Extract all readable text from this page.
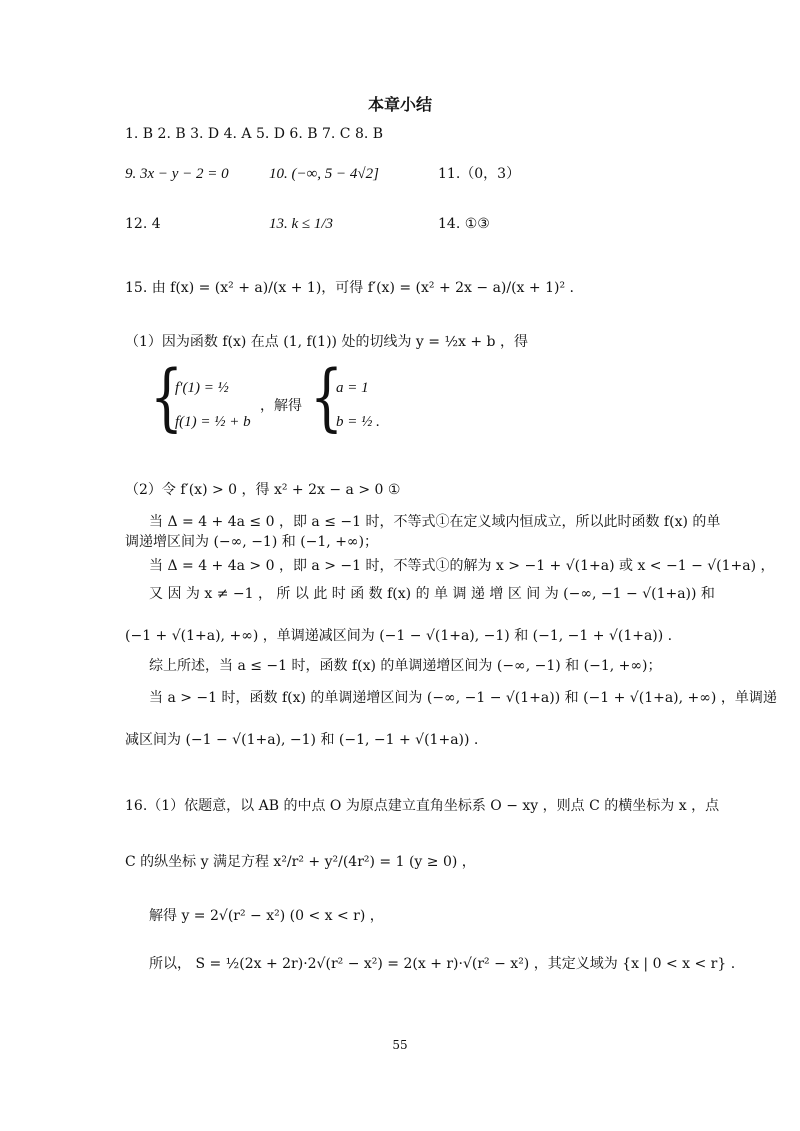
本章小结
1. B 2. B 3. D 4. A 5. D 6. B 7. C 8. B
9. 3x − y − 2 = 0	10. (−∞, 5 − 4√2]	11.（0，3）
12. 4	13. k ≤ 1/3	14. ①③
15. 由 f(x) = (x² + a)/(x + 1)，可得 f′(x) = (x² + 2x − a)/(x + 1)² .
（1）因为函数 f(x) 在点 (1, f(1)) 处的切线为 y = ½x + b ，得
{
f′(1) = ½
f(1) = ½ + b
，解得 {
a = 1
b = ½ .
（2）令 f′(x) > 0 ，得 x² + 2x − a > 0 ①
当 Δ = 4 + 4a ≤ 0 ，即 a ≤ −1 时，不等式①在定义域内恒成立，所以此时函数 f(x) 的单
调递增区间为 (−∞, −1) 和 (−1, +∞)；
当 Δ = 4 + 4a > 0 ，即 a > −1 时，不等式①的解为 x > −1 + √(1+a) 或 x < −1 − √(1+a) ，
又 因 为 x ≠ −1 ， 所 以 此 时 函 数 f(x) 的 单 调 递 增 区 间 为 (−∞, −1 − √(1+a)) 和
(−1 + √(1+a), +∞) ，单调递减区间为 (−1 − √(1+a), −1) 和 (−1, −1 + √(1+a)) .
综上所述，当 a ≤ −1 时，函数 f(x) 的单调递增区间为 (−∞, −1) 和 (−1, +∞)；
当 a > −1 时，函数 f(x) 的单调递增区间为 (−∞, −1 − √(1+a)) 和 (−1 + √(1+a), +∞) ，单调递
减区间为 (−1 − √(1+a), −1) 和 (−1, −1 + √(1+a)) .
16.（1）依题意，以 AB 的中点 O 为原点建立直角坐标系 O − xy ，则点 C 的横坐标为 x ，点
C 的纵坐标 y 满足方程 x²/r² + y²/(4r²) = 1 (y ≥ 0) ，
解得 y = 2√(r² − x²) (0 < x < r) ，
所以， S = ½(2x + 2r)·2√(r² − x²) = 2(x + r)·√(r² − x²) ，其定义域为 {x | 0 < x < r} .
55
